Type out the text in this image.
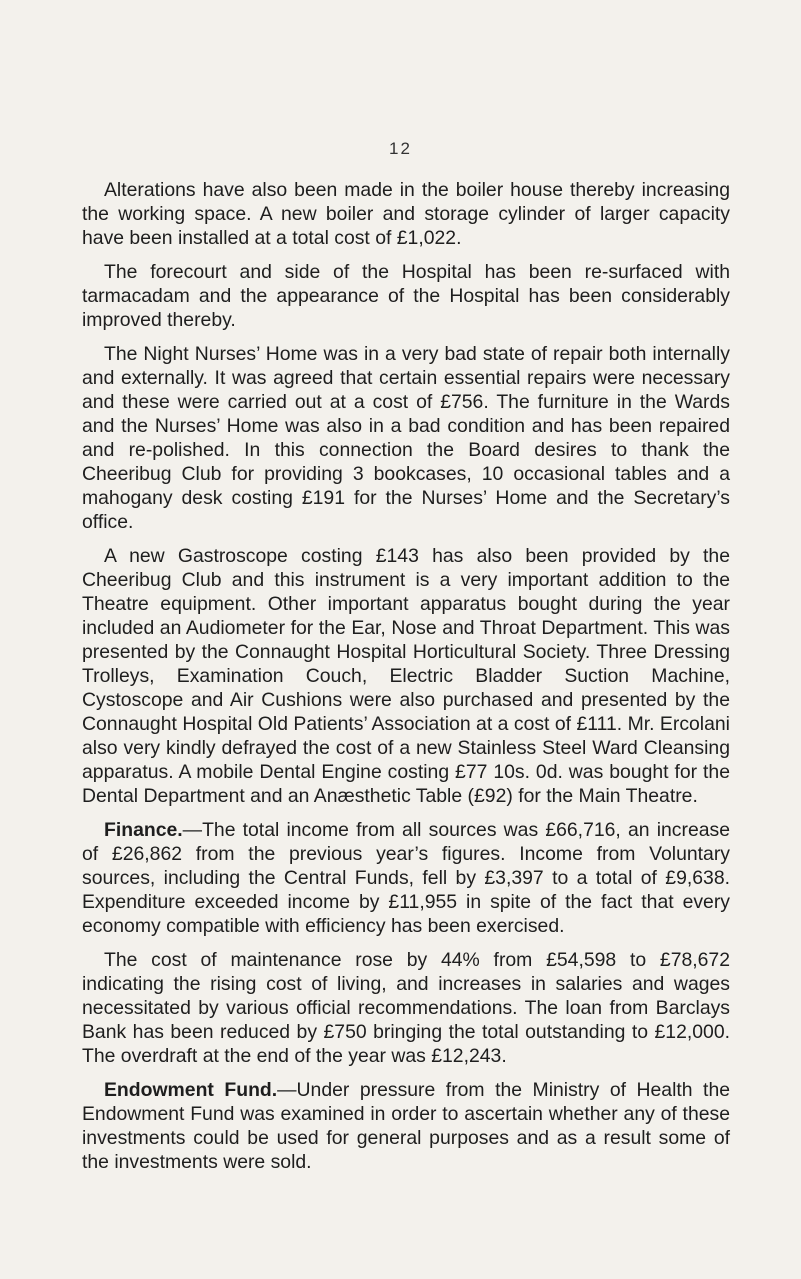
12

Alterations have also been made in the boiler house thereby increasing the working space. A new boiler and storage cylinder of larger capacity have been installed at a total cost of £1,022.

The forecourt and side of the Hospital has been re-surfaced with tarmacadam and the appearance of the Hospital has been considerably improved thereby.

The Night Nurses’ Home was in a very bad state of repair both internally and externally. It was agreed that certain essential repairs were necessary and these were carried out at a cost of £756. The furniture in the Wards and the Nurses’ Home was also in a bad condition and has been repaired and re-polished. In this connection the Board desires to thank the Cheeribug Club for providing 3 bookcases, 10 occasional tables and a mahogany desk costing £191 for the Nurses’ Home and the Secretary’s office.

A new Gastroscope costing £143 has also been provided by the Cheeribug Club and this instrument is a very important addition to the Theatre equipment. Other important apparatus bought during the year included an Audiometer for the Ear, Nose and Throat Department. This was presented by the Connaught Hospital Horticultural Society. Three Dressing Trolleys, Examination Couch, Electric Bladder Suction Machine, Cystoscope and Air Cushions were also purchased and presented by the Connaught Hospital Old Patients’ Association at a cost of £111. Mr. Ercolani also very kindly defrayed the cost of a new Stainless Steel Ward Cleansing apparatus. A mobile Dental Engine costing £77 10s. 0d. was bought for the Dental Department and an Anæsthetic Table (£92) for the Main Theatre.

Finance.—The total income from all sources was £66,716, an increase of £26,862 from the previous year’s figures. Income from Voluntary sources, including the Central Funds, fell by £3,397 to a total of £9,638. Expenditure exceeded income by £11,955 in spite of the fact that every economy compatible with efficiency has been exercised.

The cost of maintenance rose by 44% from £54,598 to £78,672 indicating the rising cost of living, and increases in salaries and wages necessitated by various official recommendations. The loan from Barclays Bank has been reduced by £750 bringing the total outstanding to £12,000. The overdraft at the end of the year was £12,243.

Endowment Fund.—Under pressure from the Ministry of Health the Endowment Fund was examined in order to ascertain whether any of these investments could be used for general purposes and as a result some of the investments were sold.
